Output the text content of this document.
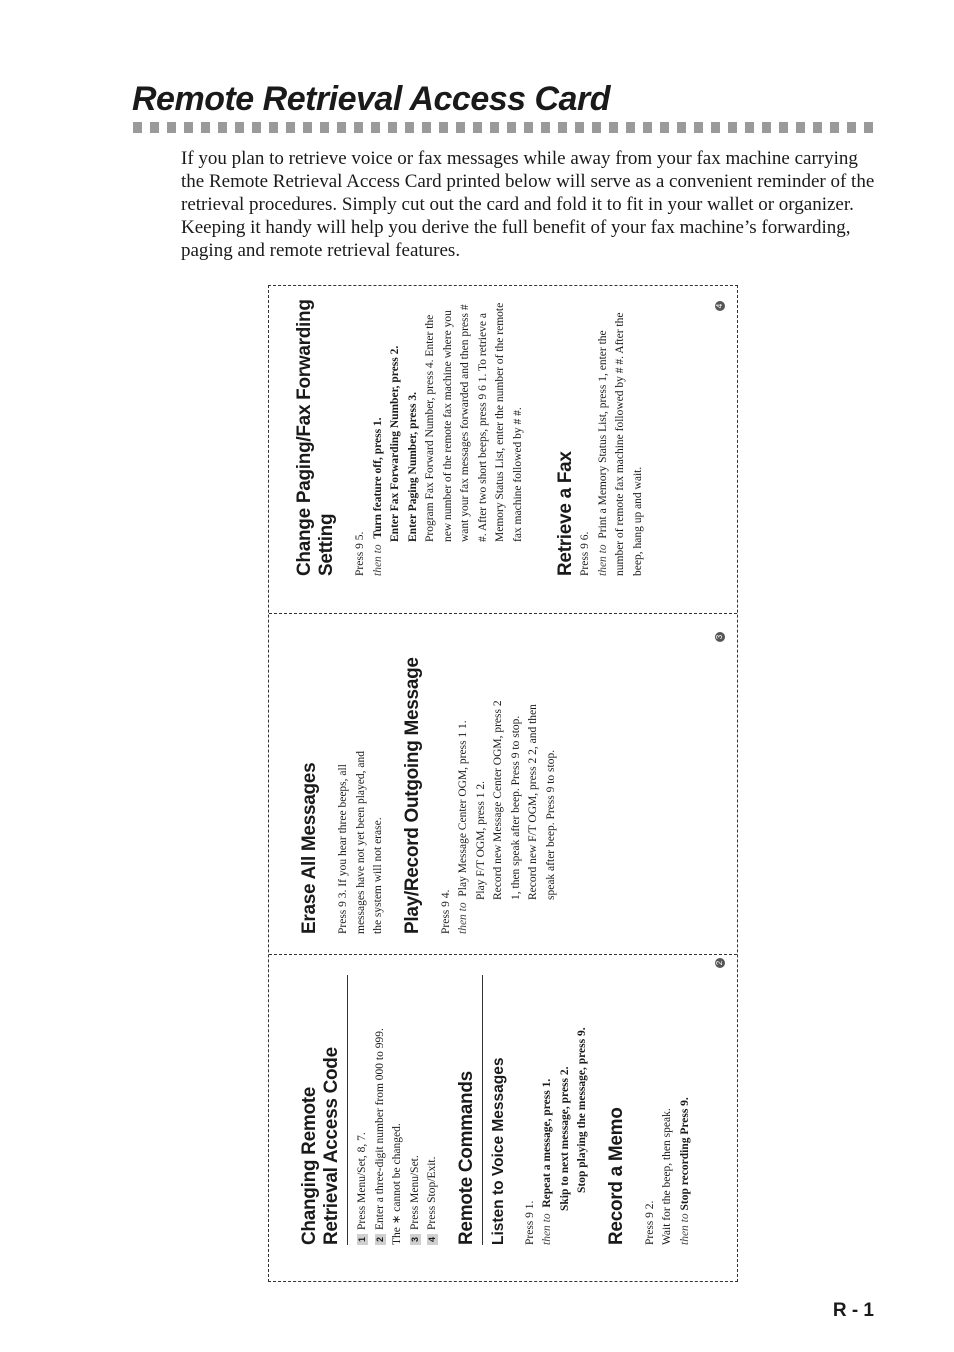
Remote Retrieval Access Card

If you plan to retrieve voice or fax messages while away from your fax machine carrying the Remote Retrieval Access Card printed below will serve as a convenient reminder of the retrieval procedures. Simply cut out the card and fold it to fit in your wallet or organizer. Keeping it handy will help you derive the full benefit of your fax machine’s forwarding, paging and remote retrieval features.

Change Paging/Fax Forwarding Setting Press 9 5. then to  Turn feature off, press 1. Enter Fax Forwarding Number, press 2. Enter Paging Number, press 3. Program Fax Forward Number, press 4. Enter the new number of the remote fax machine where you want your fax messages forwarded and then press # #. After two short beeps, press 9 6 1. To retrieve a Memory Status List, enter the number of the remote fax machine followed by # #. Retrieve a Fax Press 9 6. then to  Print a Memory Status List, press 1, enter the number of remote fax machine followed by # #. After the beep, hang up and wait.

4

Erase All Messages Press 9 3. If you hear three beeps, all messages have not yet been played, and the system will not erase. Play/Record Outgoing Message Press 9 4. then to  Play Message Center OGM, press 1 1. Play F/T OGM, press 1 2. Record new Message Center OGM, press 2 1, then speak after beep. Press 9 to stop. Record new F/T OGM, press 2 2, and then speak after beep. Press 9 to stop.

3

Changing Remote Retrieval Access Code	1Press Menu/Set, 8, 7.

2Enter a three-digit number from 000 to 999. The ∗ cannot be changed. 3Press Menu/Set.

4Press Stop/Exit. Remote Commands Listen to Voice Messages Press 9 1. then to  Repeat a message, press 1. Skip to next message, press 2. Stop playing the message, press 9. Record a Memo Press 9 2. Wait for the beep, then speak. then to Stop recording Press 9.

2

R - 1
